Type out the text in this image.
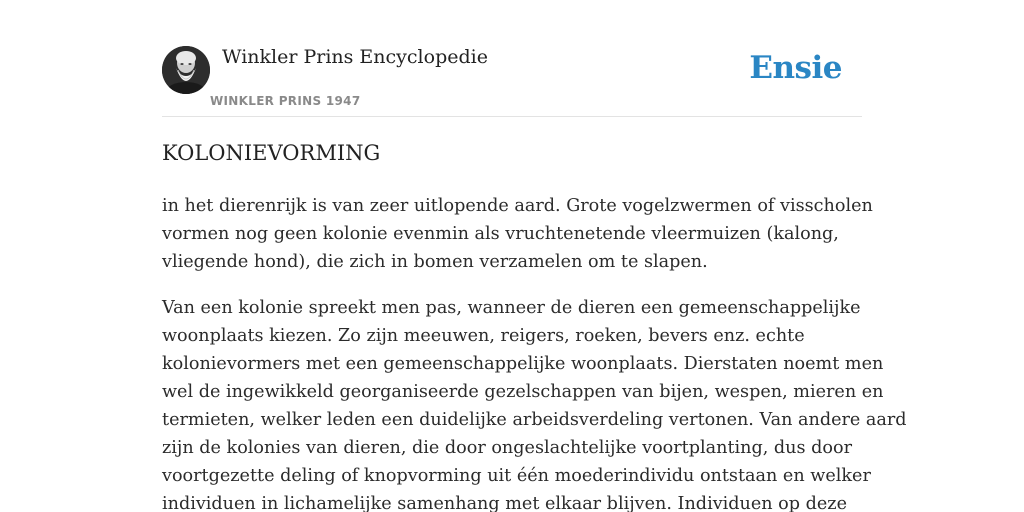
Winkler Prins Encyclopedie
WINKLER PRINS 1947
Ensie
KOLONIEVORMING

in het dierenrijk is van zeer uitlopende aard. Grote vogelzwermen of visscholen
vormen nog geen kolonie evenmin als vruchtenetende vleermuizen (kalong,
vliegende hond), die zich in bomen verzamelen om te slapen.

Van een kolonie spreekt men pas, wanneer de dieren een gemeenschappelijke
woonplaats kiezen. Zo zijn meeuwen, reigers, roeken, bevers enz. echte
kolonievormers met een gemeenschappelijke woonplaats. Dierstaten noemt men
wel de ingewikkeld georganiseerde gezelschappen van bijen, wespen, mieren en
termieten, welker leden een duidelijke arbeidsverdeling vertonen. Van andere aard
zijn de kolonies van dieren, die door ongeslachtelijke voortplanting, dus door
voortgezette deling of knopvorming uit één moederindividu ontstaan en welker
individuen in lichamelijke samenhang met elkaar blijven. Individuen op deze
